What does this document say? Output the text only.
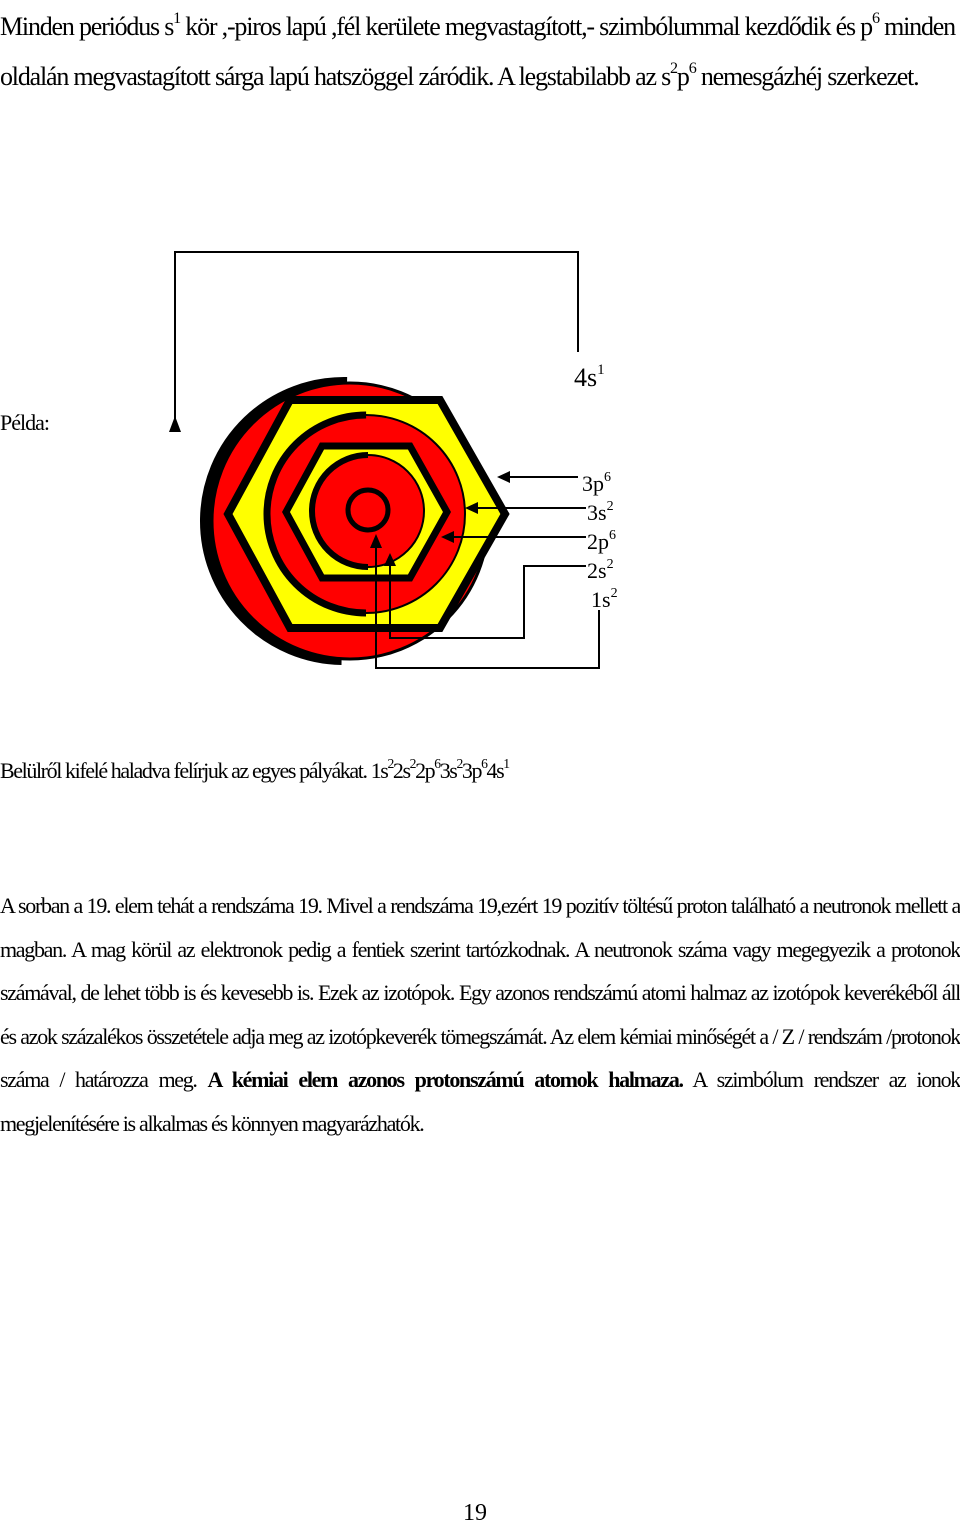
Minden periódus $s^1$ kör ,-piros lapú ,fél kerülete megvastagított,- szimbólummal kezdődik és $p^6$ minden oldalán megvastagított sárga lapú hatszöggel záródik. A legstabilabb az $s^2p^6$ nemesgázhéj szerkezet.
Példa:
$4s^1$
$3p^6$
$3s^2$
$2p^6$
$2s^2$
$1s^2$
Belülről kifelé haladva felírjuk az egyes pályákat. $1s^22s^22p^63s^23p^64s^1$
A sorban a 19. elem tehát a rendszáma 19. Mivel a rendszáma 19,ezért 19 pozitív töltésű proton található a neutronok mellett a magban. A mag körül az elektronok pedig a fentiek szerint tartózkodnak. A neutronok száma vagy megegyezik a protonok számával, de lehet több is és kevesebb is. Ezek az izotópok. Egy azonos rendszámú atomi halmaz az izotópok keverékéből áll és azok százalékos összetétele adja meg az izotópkeverék tömegszámát. Az elem kémiai minőségét a / Z / rendszám /protonok száma / határozza meg. A kémiai elem azonos protonszámú atomok halmaza. A szimbólum rendszer az ionok megjelenítésére is alkalmas és könnyen magyarázhatók.
19
